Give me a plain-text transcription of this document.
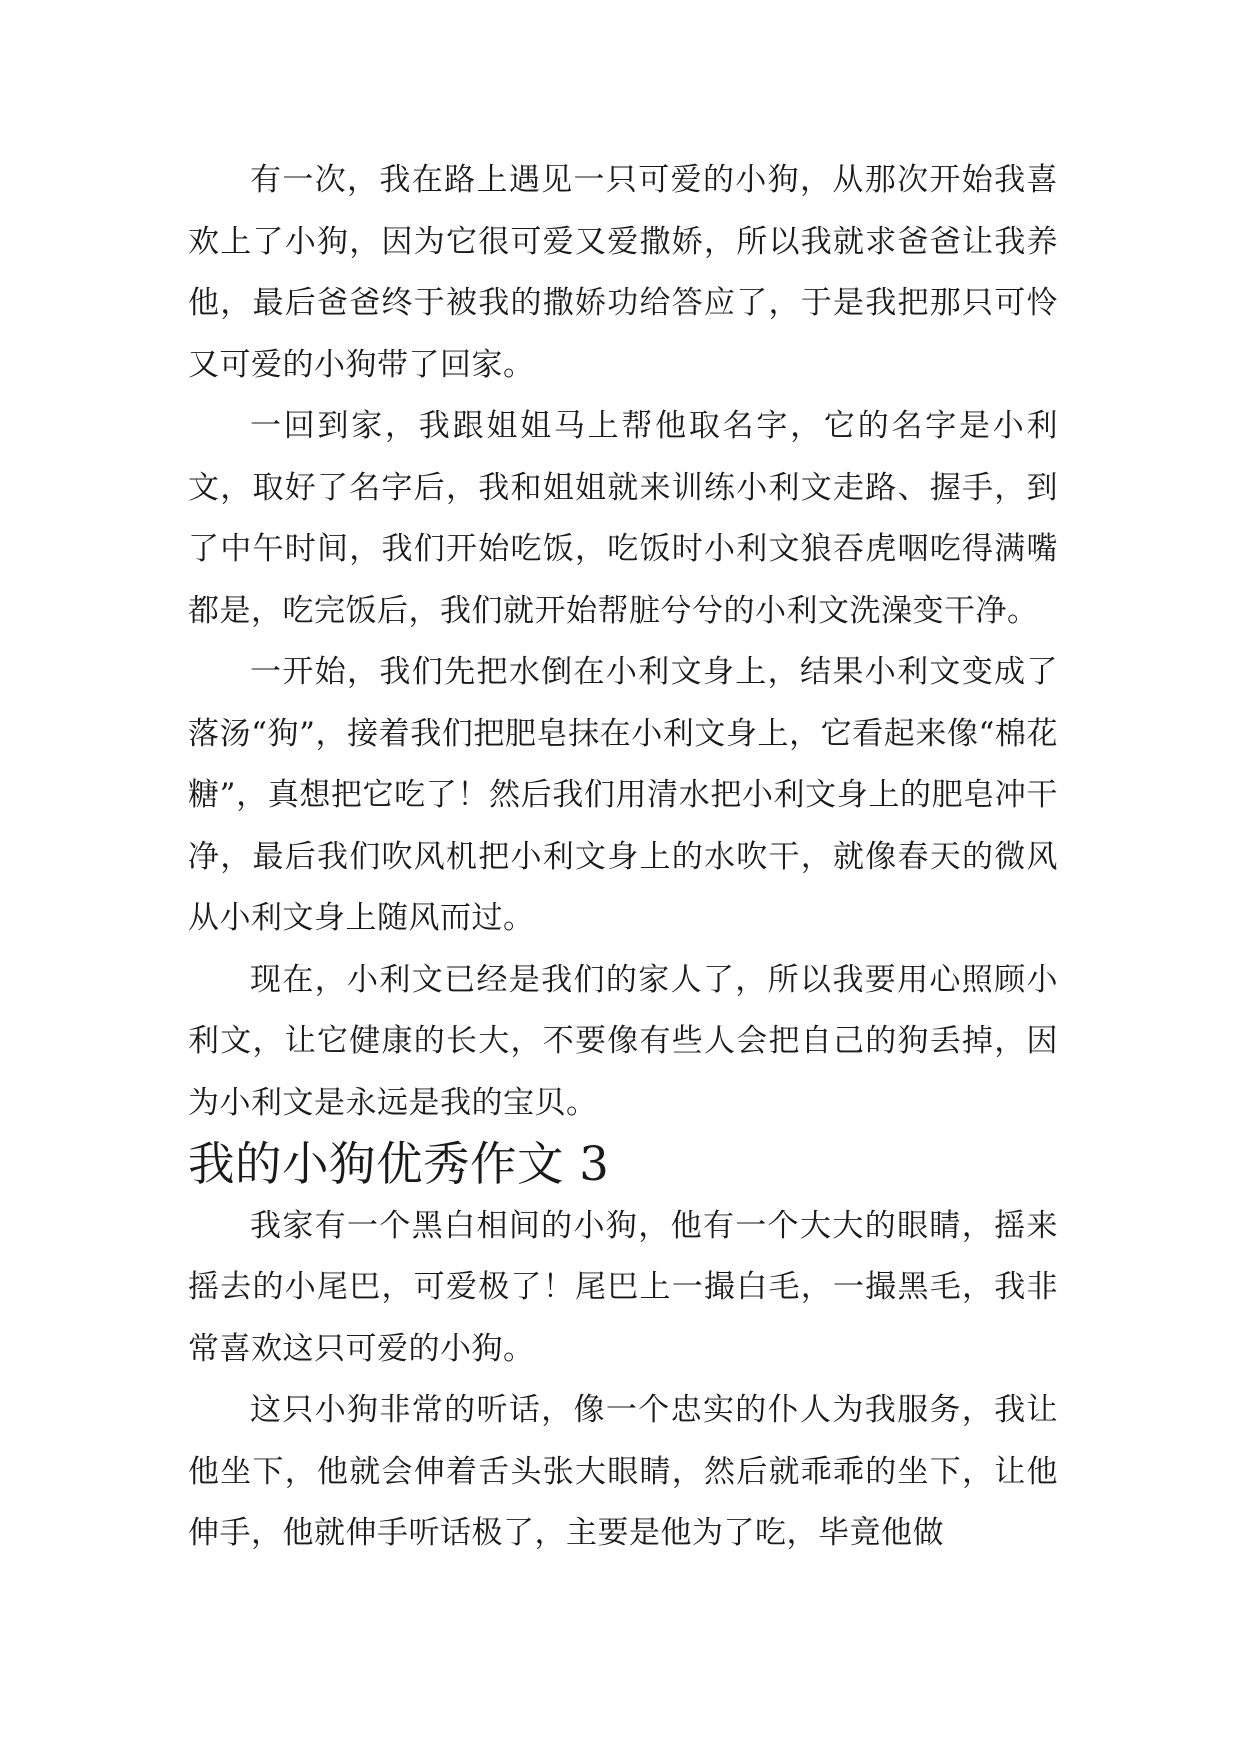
有一次，我在路上遇见一只可爱的小狗，从那次开始我喜欢上了小狗，因为它很可爱又爱撒娇，所以我就求爸爸让我养他，最后爸爸终于被我的撒娇功给答应了，于是我把那只可怜又可爱的小狗带了回家。

一回到家，我跟姐姐马上帮他取名字，它的名字是小利文，取好了名字后，我和姐姐就来训练小利文走路、握手，到了中午时间，我们开始吃饭，吃饭时小利文狼吞虎咽吃得满嘴都是，吃完饭后，我们就开始帮脏兮兮的小利文洗澡变干净。

一开始，我们先把水倒在小利文身上，结果小利文变成了落汤“狗”，接着我们把肥皂抹在小利文身上，它看起来像“棉花糖”，真想把它吃了！然后我们用清水把小利文身上的肥皂冲干净，最后我们吹风机把小利文身上的水吹干，就像春天的微风从小利文身上随风而过。

现在，小利文已经是我们的家人了，所以我要用心照顾小利文，让它健康的长大，不要像有些人会把自己的狗丢掉，因为小利文是永远是我的宝贝。

我的小狗优秀作文 3

我家有一个黑白相间的小狗，他有一个大大的眼睛，摇来摇去的小尾巴，可爱极了！尾巴上一撮白毛，一撮黑毛，我非常喜欢这只可爱的小狗。

这只小狗非常的听话，像一个忠实的仆人为我服务，我让他坐下，他就会伸着舌头张大眼睛，然后就乖乖的坐下，让他伸手，他就伸手听话极了，主要是他为了吃，毕竟他做
